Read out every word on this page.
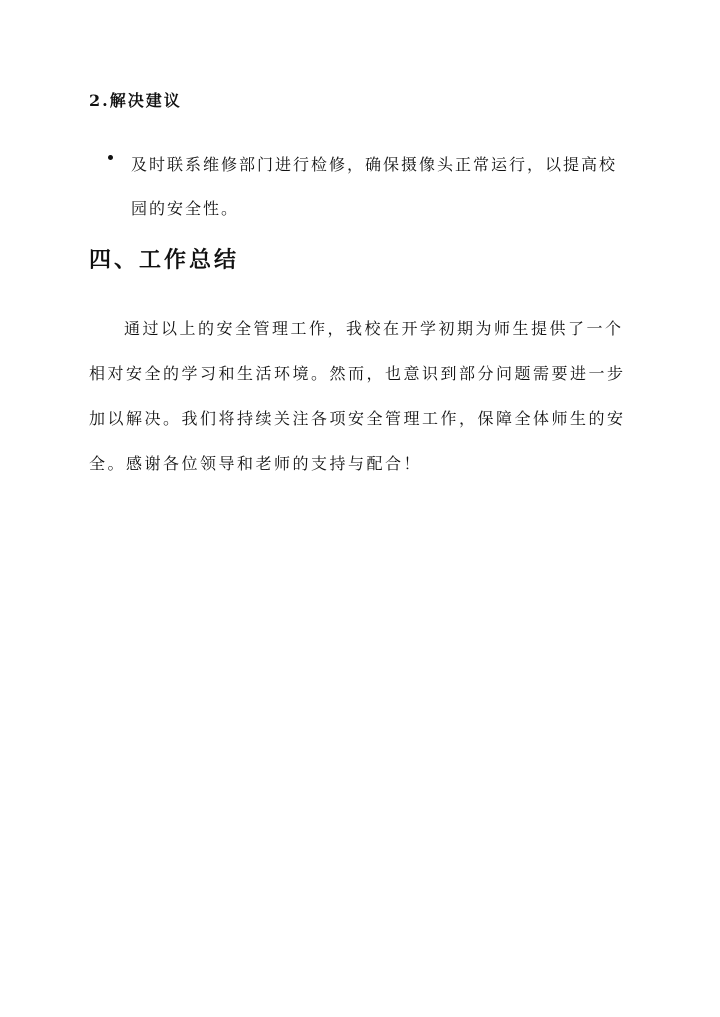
2.解决建议
及时联系维修部门进行检修，确保摄像头正常运行，以提高校园的安全性。
四、工作总结
通过以上的安全管理工作，我校在开学初期为师生提供了一个相对安全的学习和生活环境。然而，也意识到部分问题需要进一步加以解决。我们将持续关注各项安全管理工作，保障全体师生的安全。感谢各位领导和老师的支持与配合！
